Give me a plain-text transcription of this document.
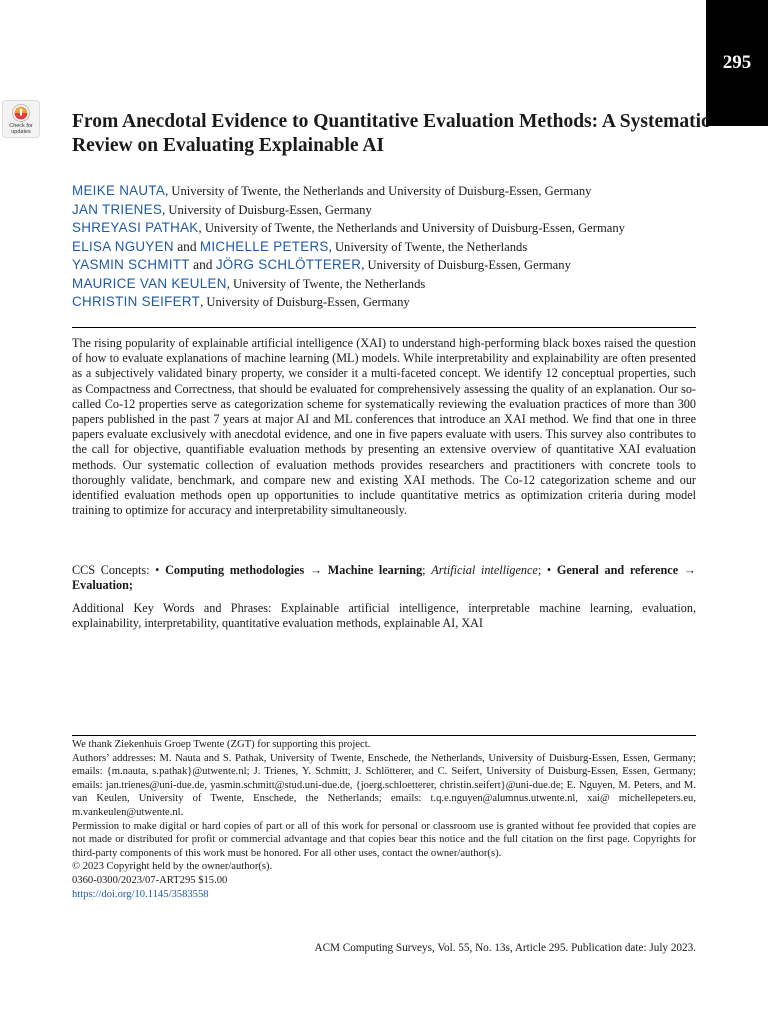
295
Check for
updates	From Anecdotal Evidence to Quantitative Evaluation Methods: A Systematic Review on Evaluating Explainable AI
MEIKE NAUTA, University of Twente, the Netherlands and University of Duisburg-Essen, Germany
JAN TRIENES, University of Duisburg-Essen, Germany
SHREYASI PATHAK, University of Twente, the Netherlands and University of Duisburg-Essen, Germany
ELISA NGUYEN and MICHELLE PETERS, University of Twente, the Netherlands
YASMIN SCHMITT and JÖRG SCHLÖTTERER, University of Duisburg-Essen, Germany
MAURICE VAN KEULEN, University of Twente, the Netherlands
CHRISTIN SEIFERT, University of Duisburg-Essen, Germany

The rising popularity of explainable artificial intelligence (XAI) to understand high-performing black boxes raised the question of how to evaluate explanations of machine learning (ML) models. While interpretability and explainability are often presented as a subjectively validated binary property, we consider it a multi-faceted concept. We identify 12 conceptual properties, such as Compactness and Correctness, that should be evaluated for comprehensively assessing the quality of an explanation. Our so-called Co-12 properties serve as categorization scheme for systematically reviewing the evaluation practices of more than 300 papers published in the past 7 years at major AI and ML conferences that introduce an XAI method. We find that one in three papers evaluate exclusively with anecdotal evidence, and one in five papers evaluate with users. This survey also contributes to the call for objective, quantifiable evaluation methods by presenting an extensive overview of quantitative XAI evaluation methods. Our systematic collection of evaluation methods provides researchers and practitioners with concrete tools to thoroughly validate, benchmark, and compare new and existing XAI methods. The Co-12 categorization scheme and our identified evaluation methods open up opportunities to include quantitative metrics as optimization criteria during model training to optimize for accuracy and interpretability simultaneously.

CCS Concepts: • Computing methodologies → Machine learning; Artificial intelligence; • General and reference → Evaluation;

Additional Key Words and Phrases: Explainable artificial intelligence, interpretable machine learning, evaluation, explainability, interpretability, quantitative evaluation methods, explainable AI, XAI

We thank Ziekenhuis Groep Twente (ZGT) for supporting this project.

Authors’ addresses: M. Nauta and S. Pathak, University of Twente, Enschede, the Netherlands, University of Duisburg-Essen, Essen, Germany; emails: {m.nauta, s.pathak}@utwente.nl; J. Trienes, Y. Schmitt, J. Schlötterer, and C. Seifert, University of Duisburg-Essen, Essen, Germany; emails: jan.trienes@uni-due.de, yasmin.schmitt@stud.uni-due.de, {joerg.schloetterer, christin.seifert}@uni-due.de; E. Nguyen, M. Peters, and M. van Keulen, University of Twente, Enschede, the Netherlands; emails: t.q.e.nguyen@alumnus.utwente.nl, xai@ michellepeters.eu, m.vankeulen@utwente.nl.

Permission to make digital or hard copies of part or all of this work for personal or classroom use is granted without fee provided that copies are not made or distributed for profit or commercial advantage and that copies bear this notice and the full citation on the first page. Copyrights for third-party components of this work must be honored. For all other uses, contact the owner/author(s).

© 2023 Copyright held by the owner/author(s).

0360-0300/2023/07-ART295 $15.00

https://doi.org/10.1145/3583558

ACM Computing Surveys, Vol. 55, No. 13s, Article 295. Publication date: July 2023.
